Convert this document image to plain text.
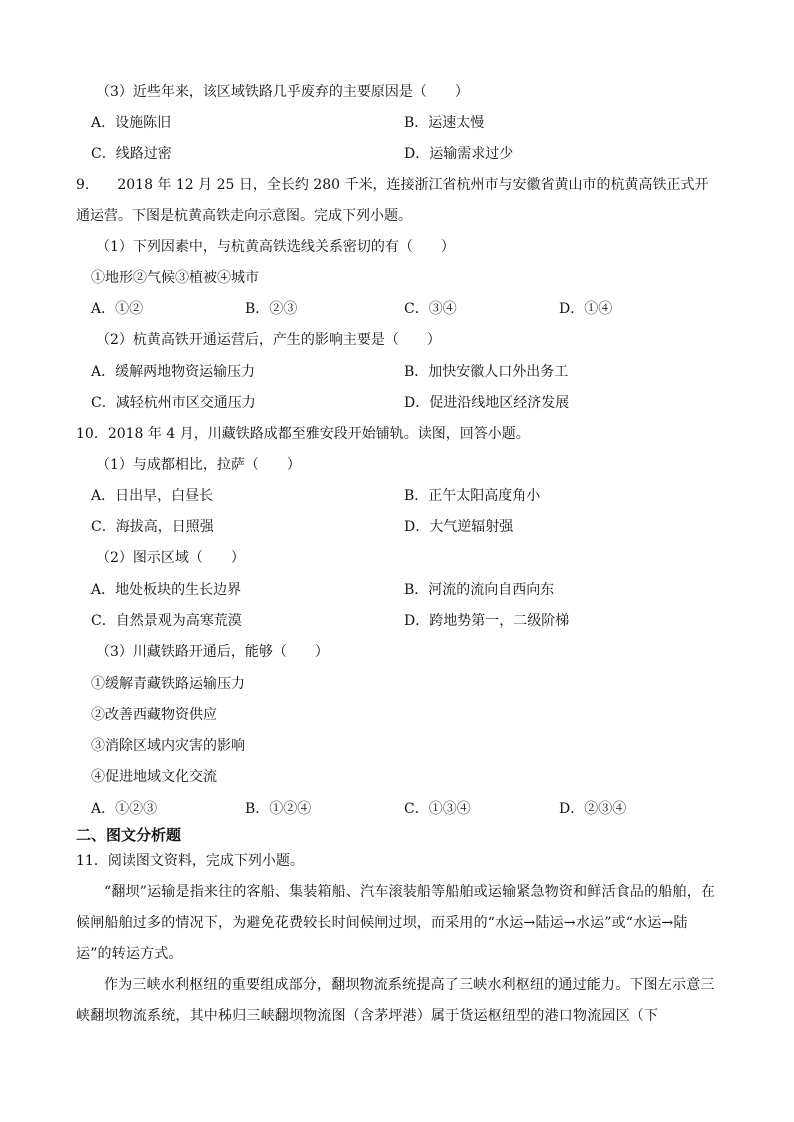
（3）近些年来，该区域铁路几乎废弃的主要原因是（　　）
A．设施陈旧	B．运速太慢
C．线路过密	D．运输需求过少
9.　　2018 年 12 月 25 日，全长约 280 千米，连接浙江省杭州市与安徽省黄山市的杭黄高铁正式开
通运营。下图是杭黄高铁走向示意图。完成下列小题。
（1）下列因素中，与杭黄高铁选线关系密切的有（　　）
①地形②气候③植被④城市
A．①②	B．②③	C．③④	D．①④
（2）杭黄高铁开通运营后，产生的影响主要是（　　）
A．缓解两地物资运输压力	B．加快安徽人口外出务工
C．减轻杭州市区交通压力	D．促进沿线地区经济发展
10．2018 年 4 月，川藏铁路成都至雅安段开始铺轨。读图，回答小题。
（1）与成都相比，拉萨（　　）
A．日出早，白昼长	B．正午太阳高度角小
C．海拔高，日照强	D．大气逆辐射强
（2）图示区域（　　）
A．地处板块的生长边界	B．河流的流向自西向东
C．自然景观为高寒荒漠	D．跨地势第一，二级阶梯
（3）川藏铁路开通后，能够（　　）
①缓解青藏铁路运输压力
②改善西藏物资供应
③消除区域内灾害的影响
④促进地域文化交流
A．①②③	B．①②④	C．①③④	D．②③④
二、图文分析题
11．阅读图文资料，完成下列小题。
“翻坝”运输是指来往的客船、集装箱船、汽车滚装船等船舶或运输紧急物资和鲜活食品的船舶，在候闸船舶过多的情况下，为避免花费较长时间候闸过坝，而采用的“水运→陆运→水运”或“水运→陆运”的转运方式。
作为三峡水利枢纽的重要组成部分，翻坝物流系统提高了三峡水利枢纽的通过能力。下图左示意三峡翻坝物流系统，其中秭归三峡翻坝物流图（含茅坪港）属于货运枢纽型的港口物流园区（下
